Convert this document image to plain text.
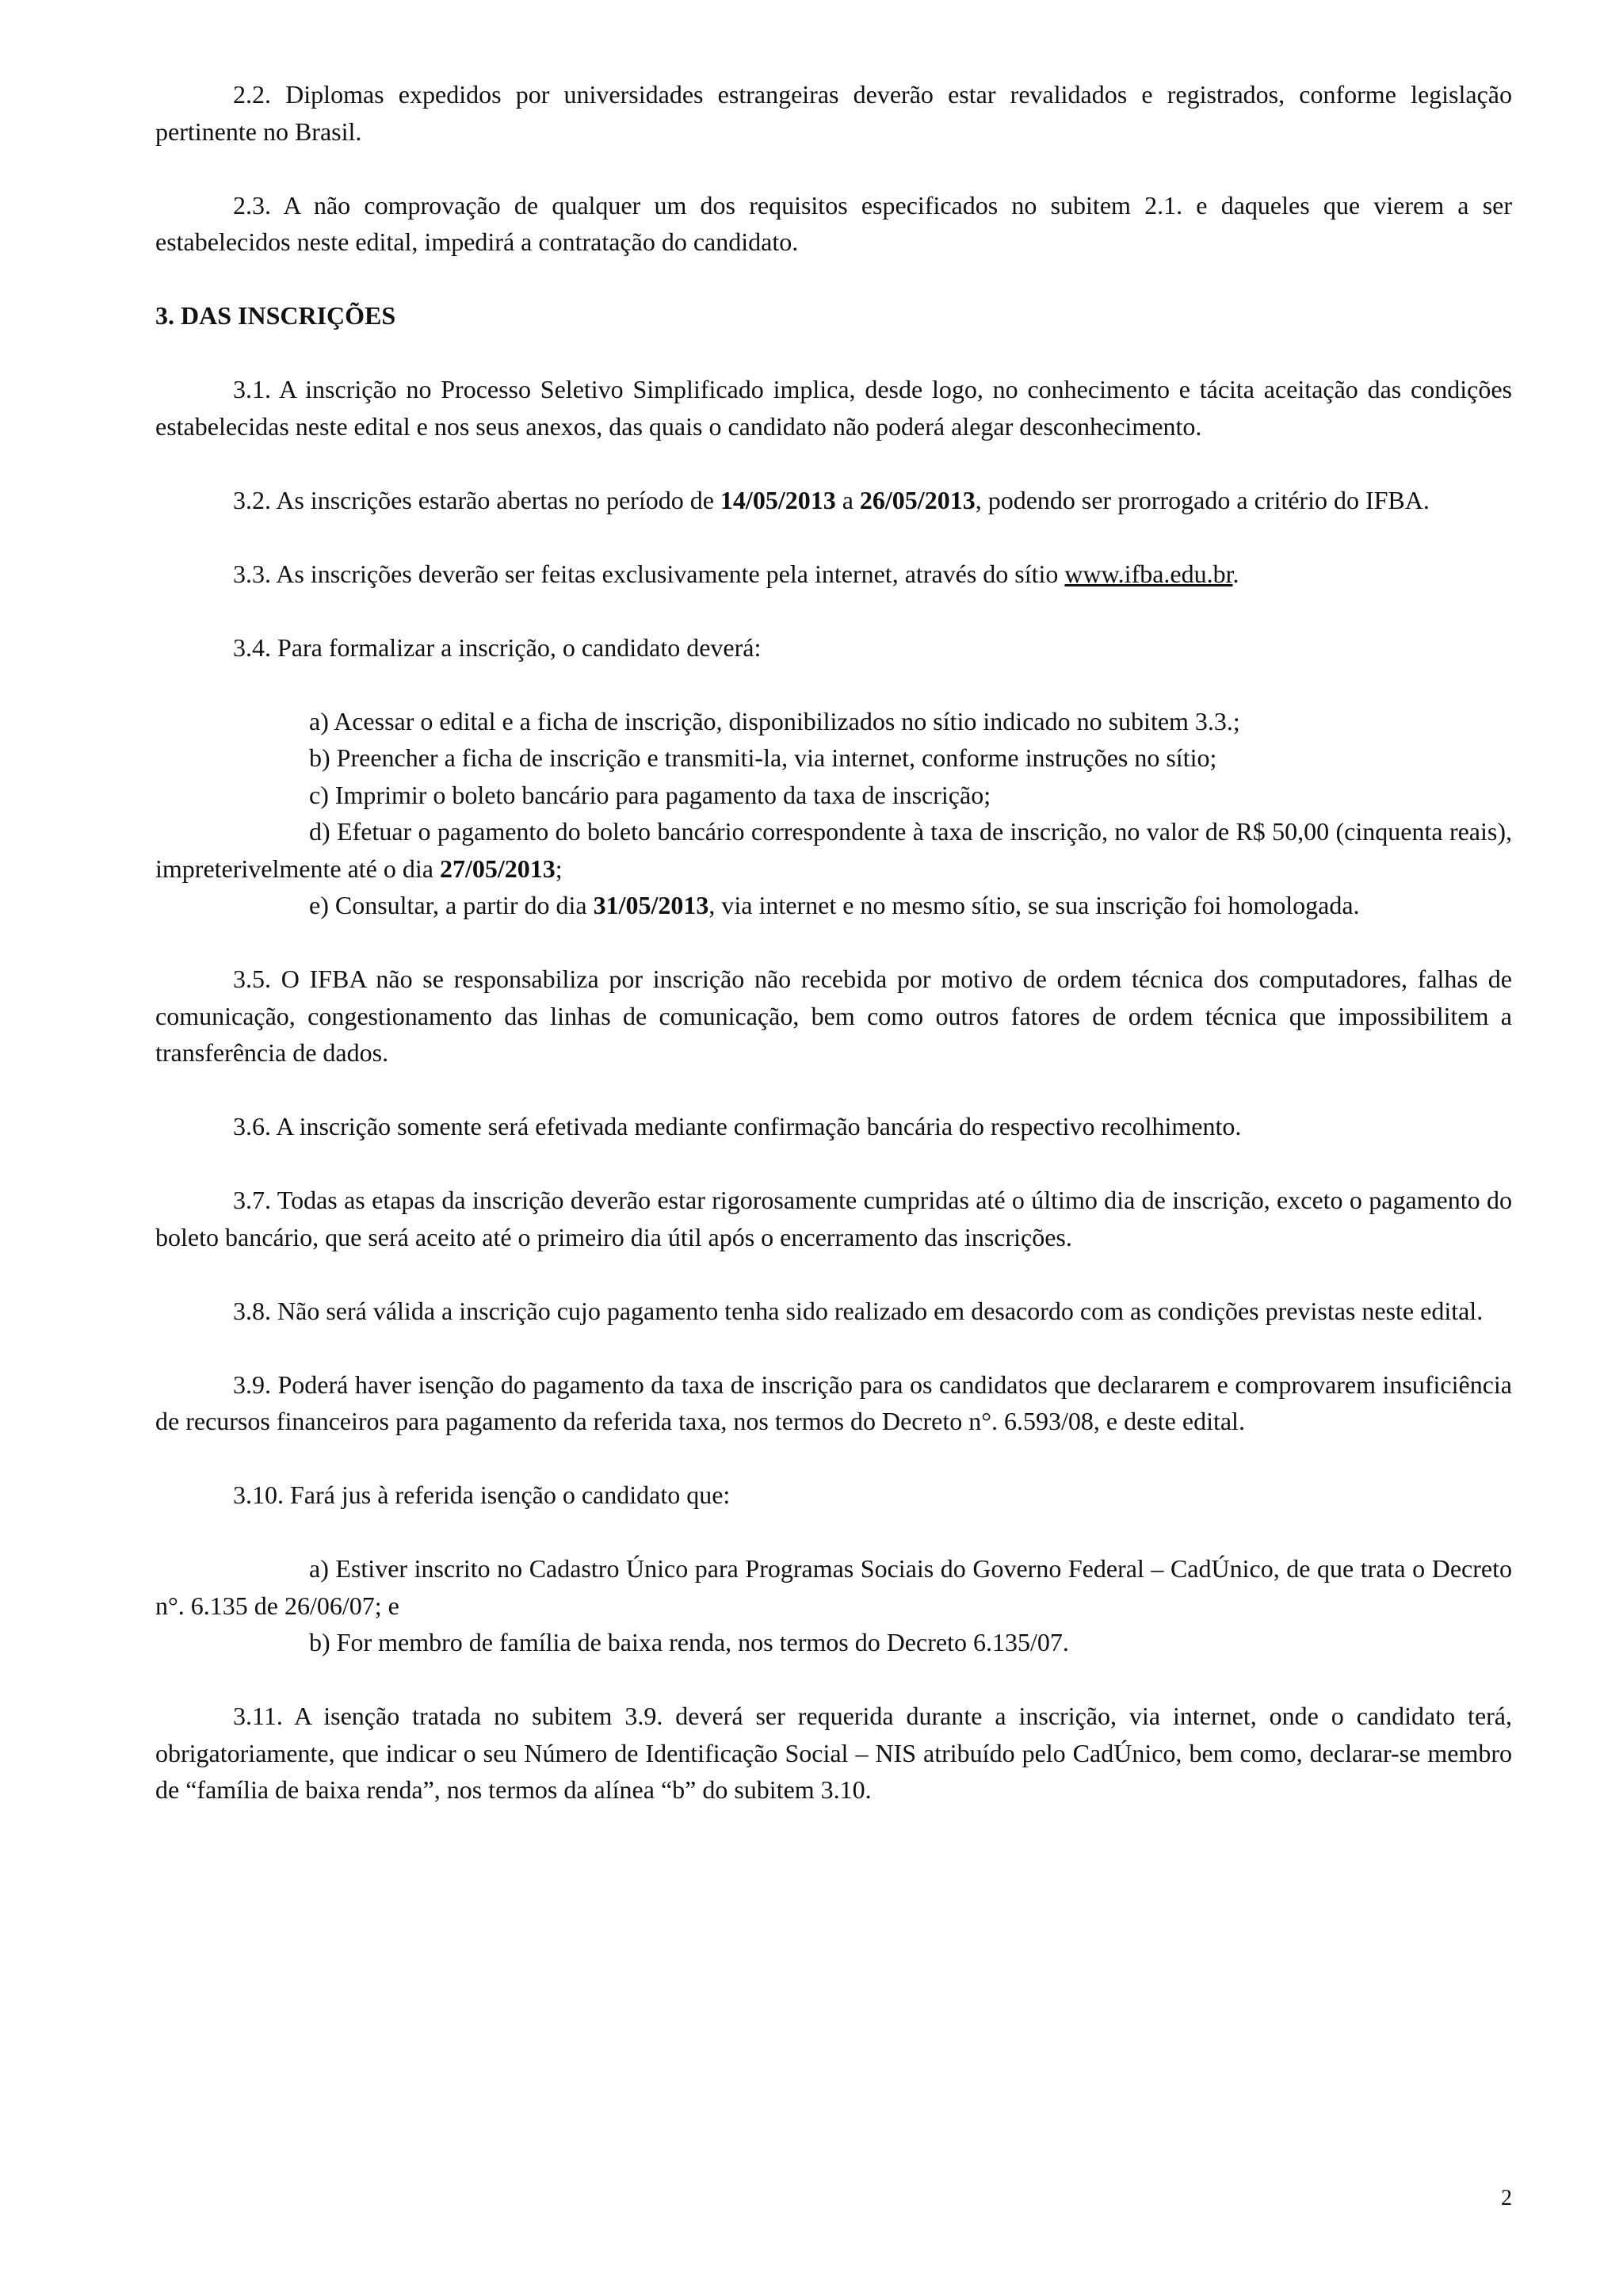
2.2. Diplomas expedidos por universidades estrangeiras deverão estar revalidados e registrados, conforme legislação pertinente no Brasil.

2.3. A não comprovação de qualquer um dos requisitos especificados no subitem 2.1. e daqueles que vierem a ser estabelecidos neste edital, impedirá a contratação do candidato.

3. DAS INSCRIÇÕES

3.1. A inscrição no Processo Seletivo Simplificado implica, desde logo, no conhecimento e tácita aceitação das condições estabelecidas neste edital e nos seus anexos, das quais o candidato não poderá alegar desconhecimento.

3.2. As inscrições estarão abertas no período de 14/05/2013 a 26/05/2013, podendo ser prorrogado a critério do IFBA.

3.3. As inscrições deverão ser feitas exclusivamente pela internet, através do sítio www.ifba.edu.br.

3.4. Para formalizar a inscrição, o candidato deverá:

a) Acessar o edital e a ficha de inscrição, disponibilizados no sítio indicado no subitem 3.3.;

b) Preencher a ficha de inscrição e transmiti-la, via internet, conforme instruções no sítio;

c) Imprimir o boleto bancário para pagamento da taxa de inscrição;

d) Efetuar o pagamento do boleto bancário correspondente à taxa de inscrição, no valor de R$ 50,00 (cinquenta reais), impreterivelmente até o dia 27/05/2013;

e) Consultar, a partir do dia 31/05/2013, via internet e no mesmo sítio, se sua inscrição foi homologada.

3.5. O IFBA não se responsabiliza por inscrição não recebida por motivo de ordem técnica dos computadores, falhas de comunicação, congestionamento das linhas de comunicação, bem como outros fatores de ordem técnica que impossibilitem a transferência de dados.

3.6. A inscrição somente será efetivada mediante confirmação bancária do respectivo recolhimento.

3.7. Todas as etapas da inscrição deverão estar rigorosamente cumpridas até o último dia de inscrição, exceto o pagamento do boleto bancário, que será aceito até o primeiro dia útil após o encerramento das inscrições.

3.8. Não será válida a inscrição cujo pagamento tenha sido realizado em desacordo com as condições previstas neste edital.

3.9. Poderá haver isenção do pagamento da taxa de inscrição para os candidatos que declararem e comprovarem insuficiência de recursos financeiros para pagamento da referida taxa, nos termos do Decreto n°. 6.593/08, e deste edital.

3.10. Fará jus à referida isenção o candidato que:

a) Estiver inscrito no Cadastro Único para Programas Sociais do Governo Federal – CadÚnico, de que trata o Decreto n°. 6.135 de 26/06/07; e

b) For membro de família de baixa renda, nos termos do Decreto 6.135/07.

3.11. A isenção tratada no subitem 3.9. deverá ser requerida durante a inscrição, via internet, onde o candidato terá, obrigatoriamente, que indicar o seu Número de Identificação Social – NIS atribuído pelo CadÚnico, bem como, declarar-se membro de “família de baixa renda”, nos termos da alínea “b” do subitem 3.10.

2
